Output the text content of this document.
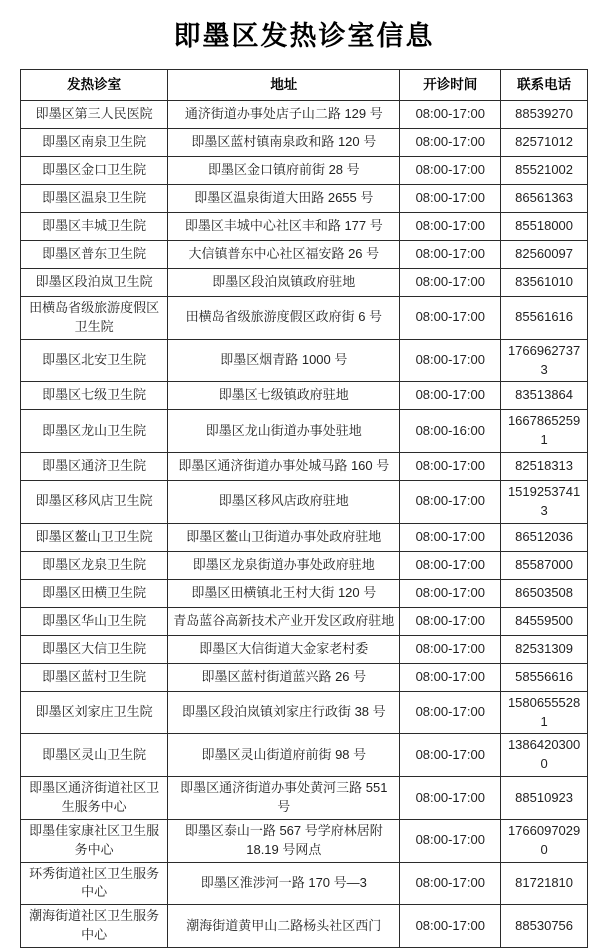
即墨区发热诊室信息
发热诊室	地址	开诊时间	联系电话
即墨区第三人民医院	通济街道办事处店子山二路 129 号	08:00-17:00	88539270
即墨区南泉卫生院	即墨区蓝村镇南泉政和路 120 号	08:00-17:00	82571012
即墨区金口卫生院	即墨区金口镇府前街 28 号	08:00-17:00	85521002
即墨区温泉卫生院	即墨区温泉街道大田路 2655 号	08:00-17:00	86561363
即墨区丰城卫生院	即墨区丰城中心社区丰和路 177 号	08:00-17:00	85518000
即墨区普东卫生院	大信镇普东中心社区福安路 26 号	08:00-17:00	82560097
即墨区段泊岚卫生院	即墨区段泊岚镇政府驻地	08:00-17:00	83561010
田横岛省级旅游度假区卫生院	田横岛省级旅游度假区政府街 6 号	08:00-17:00	85561616
即墨区北安卫生院	即墨区烟青路 1000 号	08:00-17:00	17669627373
即墨区七级卫生院	即墨区七级镇政府驻地	08:00-17:00	83513864
即墨区龙山卫生院	即墨区龙山街道办事处驻地	08:00-16:00	16678652591
即墨区通济卫生院	即墨区通济街道办事处城马路 160 号	08:00-17:00	82518313
即墨区移风店卫生院	即墨区移风店政府驻地	08:00-17:00	15192537413
即墨区鳌山卫卫生院	即墨区鳌山卫街道办事处政府驻地	08:00-17:00	86512036
即墨区龙泉卫生院	即墨区龙泉街道办事处政府驻地	08:00-17:00	85587000
即墨区田横卫生院	即墨区田横镇北王村大街 120 号	08:00-17:00	86503508
即墨区华山卫生院	青岛蓝谷高新技术产业开发区政府驻地	08:00-17:00	84559500
即墨区大信卫生院	即墨区大信街道大金家老村委	08:00-17:00	82531309
即墨区蓝村卫生院	即墨区蓝村街道蓝兴路 26 号	08:00-17:00	58556616
即墨区刘家庄卫生院	即墨区段泊岚镇刘家庄行政街 38 号	08:00-17:00	15806555281
即墨区灵山卫生院	即墨区灵山街道府前街 98 号	08:00-17:00	13864203000
即墨区通济街道社区卫生服务中心	即墨区通济街道办事处黄河三路 551 号	08:00-17:00	88510923
即墨佳家康社区卫生服务中心	即墨区泰山一路 567 号学府林居附 18.19 号网点	08:00-17:00	17660970290
环秀街道社区卫生服务中心	即墨区淮涉河一路 170 号—3	08:00-17:00	81721810
潮海街道社区卫生服务中心	潮海街道黄甲山二路杨头社区西门	08:00-17:00	88530756
